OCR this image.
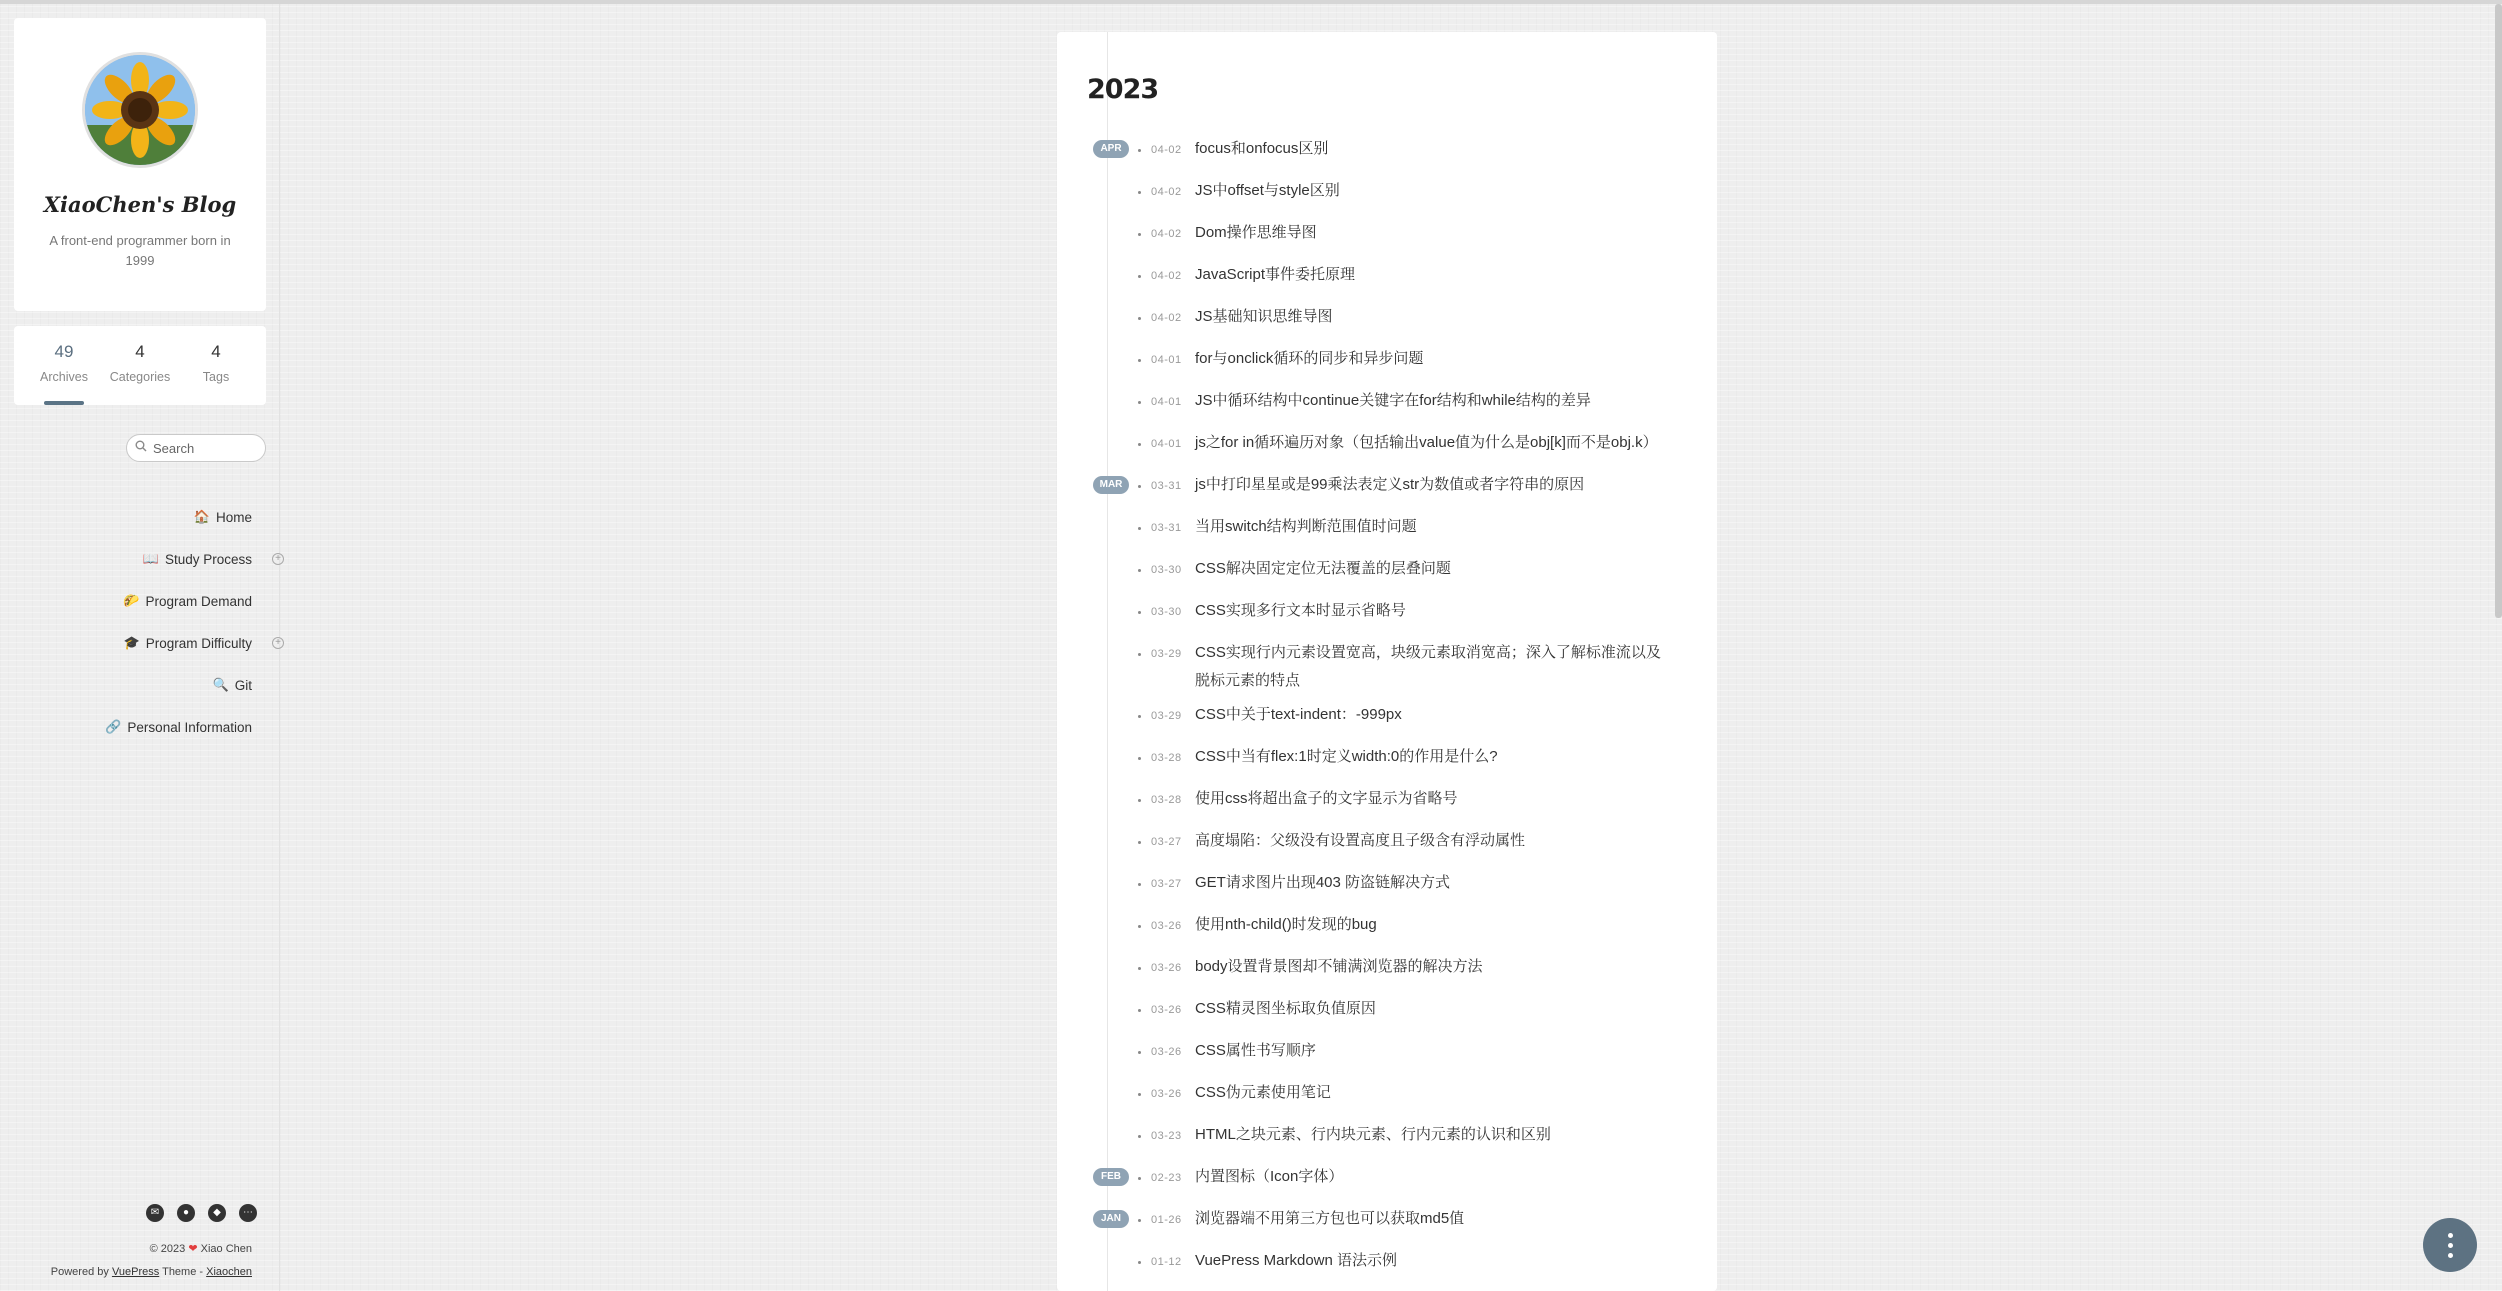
XiaoChen's Blog
A front-end programmer born in 1999
49
Archives
4
Categories
4
Tags
Search
🏠 Home
📖 Study Process	+
🌮 Program Demand
🎓 Program Difficulty	+
🔍 Git
🔗 Personal Information
✉	●	◆	⋯
© 2023 ❤ Xiao Chen
Powered by VuePress Theme - Xiaochen
2023
APR	04-02 focus和onfocus区别
04-02 JS中offset与style区别
04-02 Dom操作思维导图
04-02 JavaScript事件委托原理
04-02 JS基础知识思维导图
04-01 for与onclick循环的同步和异步问题
04-01 JS中循环结构中continue关键字在for结构和while结构的差异
04-01 js之for in循环遍历对象（包括输出value值为什么是obj[k]而不是obj.k）
MAR	03-31 js中打印星星或是99乘法表定义str为数值或者字符串的原因
03-31 当用switch结构判断范围值时问题
03-30 CSS解决固定定位无法覆盖的层叠问题
03-30 CSS实现多行文本时显示省略号
03-29 CSS实现行内元素设置宽高，块级元素取消宽高；深入了解标准流以及脱标元素的特点
03-29 CSS中关于text-indent：-999px
03-28 CSS中当有flex:1时定义width:0的作用是什么?
03-28 使用css将超出盒子的文字显示为省略号
03-27 高度塌陷：父级没有设置高度且子级含有浮动属性
03-27 GET请求图片出现403 防盗链解决方式
03-26 使用nth-child()时发现的bug
03-26 body设置背景图却不铺满浏览器的解决方法
03-26 CSS精灵图坐标取负值原因
03-26 CSS属性书写顺序
03-26 CSS伪元素使用笔记
03-23 HTML之块元素、行内块元素、行内元素的认识和区别
FEB	02-23 内置图标（Icon字体）
JAN	01-26 浏览器端不用第三方包也可以获取md5值
01-12 VuePress Markdown 语法示例
